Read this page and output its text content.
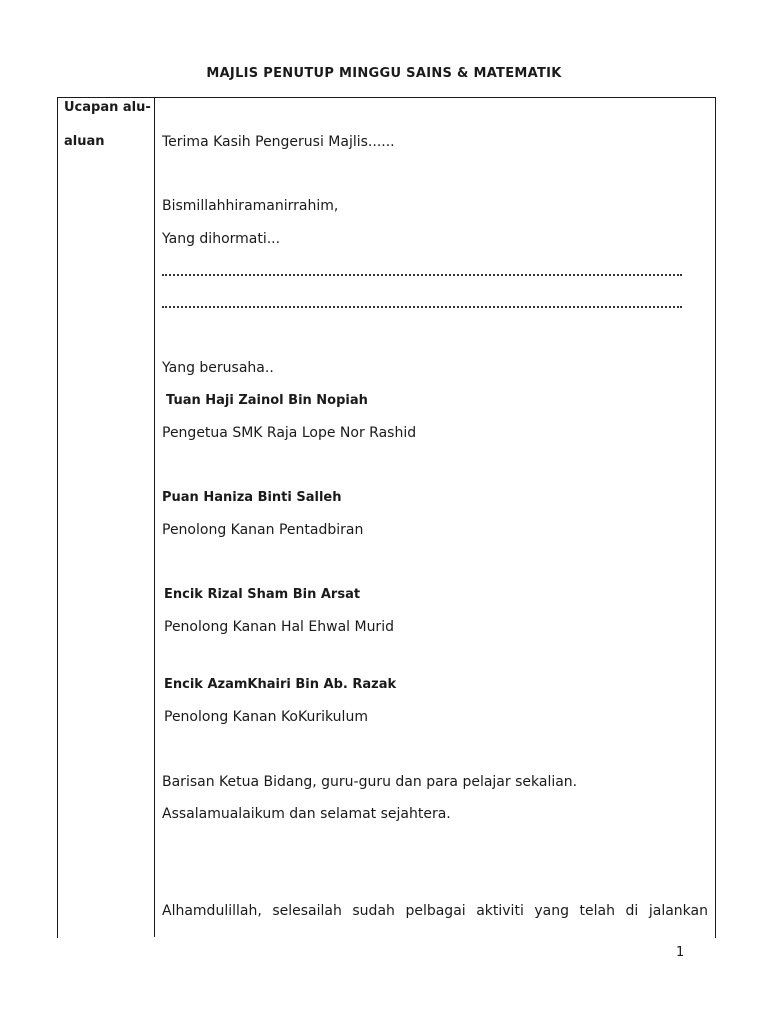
MAJLIS PENUTUP MINGGU SAINS & MATEMATIK
Ucapan alu-
aluan	Terima Kasih Pengerusi Majlis......
Bismillahhiramanirrahim,
Yang dihormati...
Yang berusaha..
Tuan Haji Zainol Bin Nopiah
Pengetua SMK Raja Lope Nor Rashid
Puan Haniza Binti Salleh
Penolong Kanan Pentadbiran
Encik Rizal Sham Bin Arsat
Penolong Kanan Hal Ehwal Murid
Encik AzamKhairi Bin Ab. Razak
Penolong Kanan KoKurikulum
Barisan Ketua Bidang, guru-guru dan para pelajar sekalian.
Assalamualaikum dan selamat sejahtera.
Alhamdulillah, selesailah sudah pelbagai aktiviti yang telah di jalankan
1
